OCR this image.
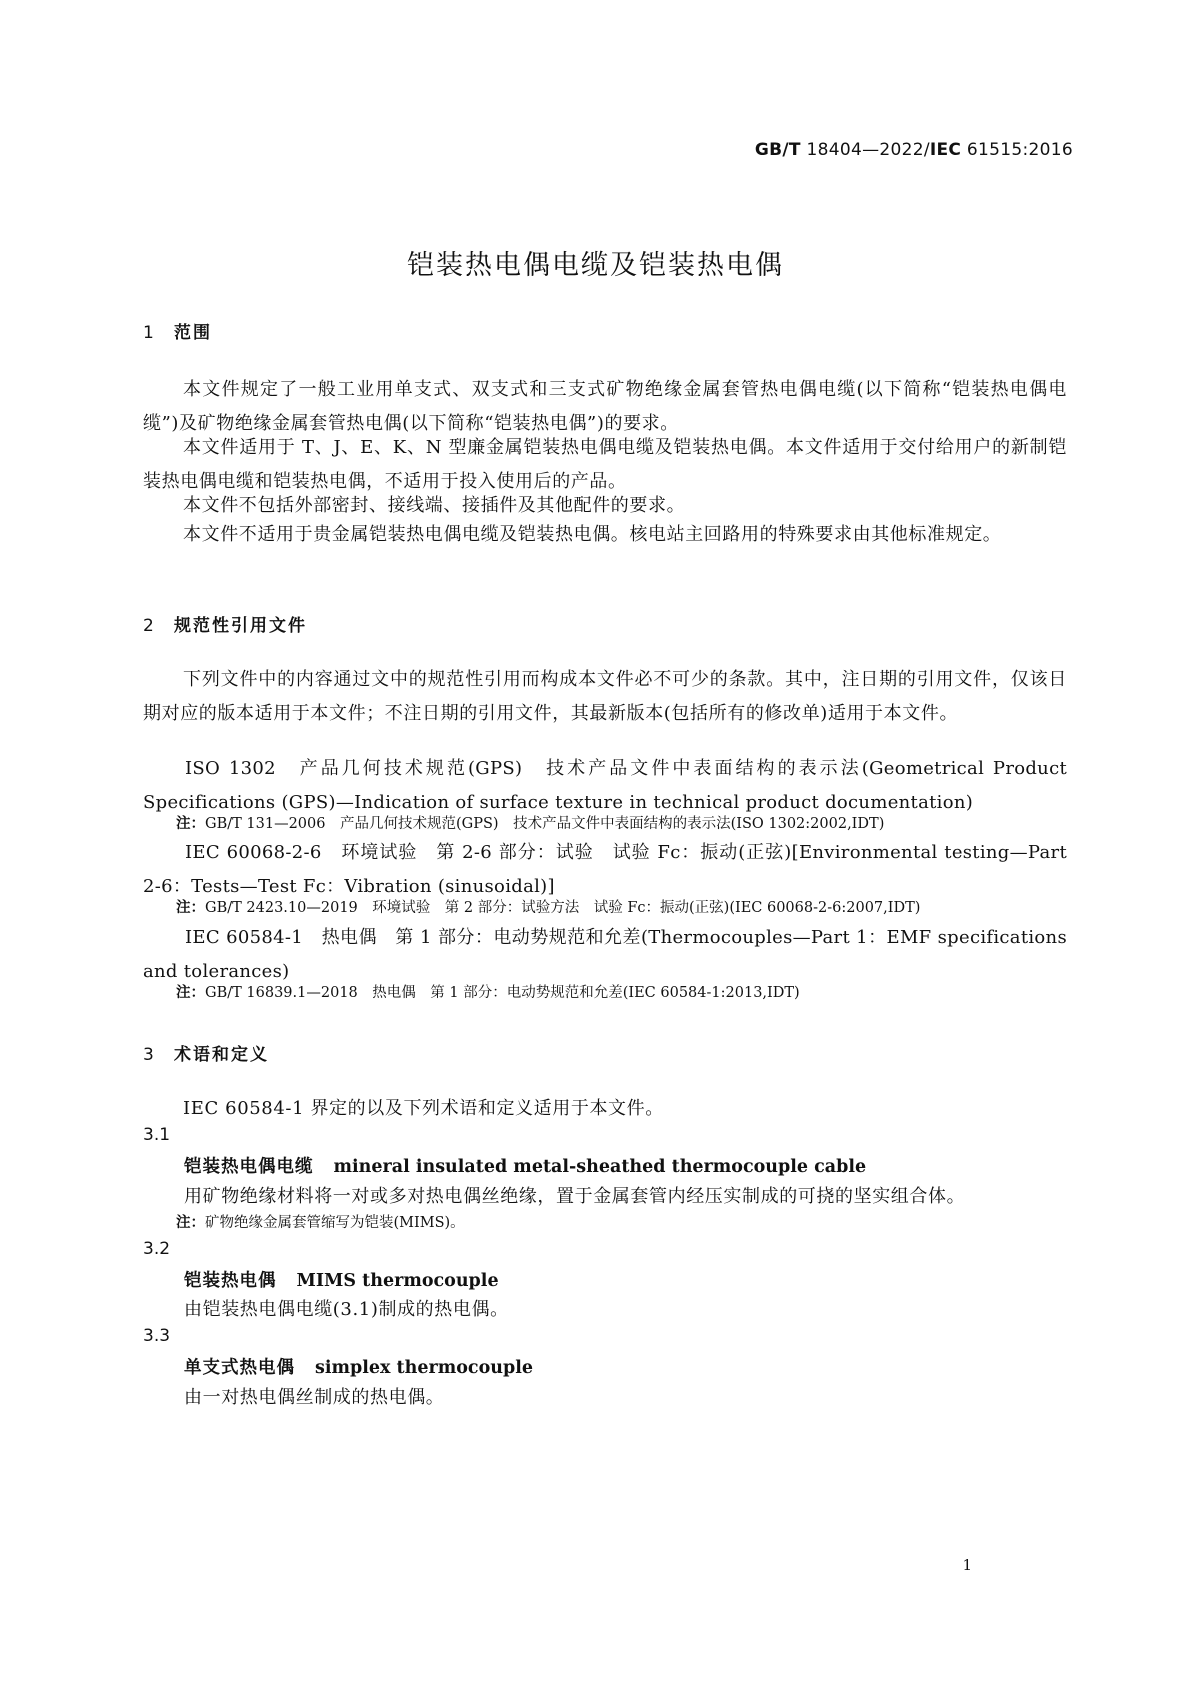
GB/T 18404—2022/IEC 61515:2016
铠装热电偶电缆及铠装热电偶
1 范围

本文件规定了一般工业用单支式、双支式和三支式矿物绝缘金属套管热电偶电缆(以下简称“铠装热电偶电缆”)及矿物绝缘金属套管热电偶(以下简称“铠装热电偶”)的要求。

本文件适用于 T、J、E、K、N 型廉金属铠装热电偶电缆及铠装热电偶。本文件适用于交付给用户的新制铠装热电偶电缆和铠装热电偶，不适用于投入使用后的产品。

本文件不包括外部密封、接线端、接插件及其他配件的要求。

本文件不适用于贵金属铠装热电偶电缆及铠装热电偶。核电站主回路用的特殊要求由其他标准规定。

2 规范性引用文件

下列文件中的内容通过文中的规范性引用而构成本文件必不可少的条款。其中，注日期的引用文件，仅该日期对应的版本适用于本文件；不注日期的引用文件，其最新版本(包括所有的修改单)适用于本文件。

ISO 1302　产品几何技术规范(GPS)　技术产品文件中表面结构的表示法(Geometrical Product Specifications (GPS)—Indication of surface texture in technical product documentation)

注：GB/T 131—2006　产品几何技术规范(GPS)　技术产品文件中表面结构的表示法(ISO 1302:2002,IDT)

IEC 60068-2-6　环境试验　第 2-6 部分：试验　试验 Fc：振动(正弦)[Environmental testing—Part 2-6：Tests—Test Fc：Vibration (sinusoidal)]

注：GB/T 2423.10—2019　环境试验　第 2 部分：试验方法　试验 Fc：振动(正弦)(IEC 60068-2-6:2007,IDT)

IEC 60584-1　热电偶　第 1 部分：电动势规范和允差(Thermocouples—Part 1：EMF specifications and tolerances)

注：GB/T 16839.1—2018　热电偶　第 1 部分：电动势规范和允差(IEC 60584-1:2013,IDT)
3 术语和定义

IEC 60584-1 界定的以及下列术语和定义适用于本文件。

3.1
铠装热电偶电缆 mineral insulated metal-sheathed thermocouple cable
用矿物绝缘材料将一对或多对热电偶丝绝缘，置于金属套管内经压实制成的可挠的坚实组合体。
注：矿物绝缘金属套管缩写为铠装(MIMS)。
3.2
铠装热电偶 MIMS thermocouple
由铠装热电偶电缆(3.1)制成的热电偶。
3.3
单支式热电偶 simplex thermocouple
由一对热电偶丝制成的热电偶。
1
